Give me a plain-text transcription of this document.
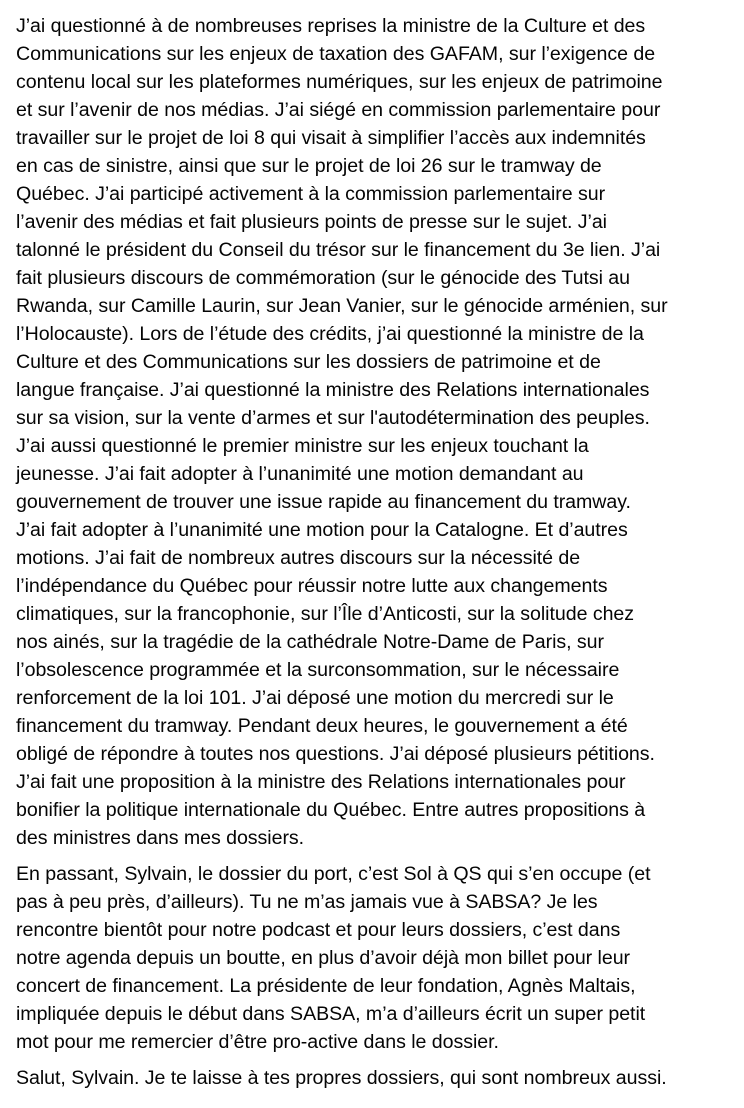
J’ai questionné à de nombreuses reprises la ministre de la Culture et des
Communications sur les enjeux de taxation des GAFAM, sur l’exigence de
contenu local sur les plateformes numériques, sur les enjeux de patrimoine
et sur l’avenir de nos médias. J’ai siégé en commission parlementaire pour
travailler sur le projet de loi 8 qui visait à simplifier l’accès aux indemnités
en cas de sinistre, ainsi que sur le projet de loi 26 sur le tramway de
Québec. J’ai participé activement à la commission parlementaire sur
l’avenir des médias et fait plusieurs points de presse sur le sujet. J’ai
talonné le président du Conseil du trésor sur le financement du 3e lien. J’ai
fait plusieurs discours de commémoration (sur le génocide des Tutsi au
Rwanda, sur Camille Laurin, sur Jean Vanier, sur le génocide arménien, sur
l’Holocauste). Lors de l’étude des crédits, j’ai questionné la ministre de la
Culture et des Communications sur les dossiers de patrimoine et de
langue française. J’ai questionné la ministre des Relations internationales
sur sa vision, sur la vente d’armes et sur l'autodétermination des peuples.
J’ai aussi questionné le premier ministre sur les enjeux touchant la
jeunesse. J’ai fait adopter à l’unanimité une motion demandant au
gouvernement de trouver une issue rapide au financement du tramway.
J’ai fait adopter à l’unanimité une motion pour la Catalogne. Et d’autres
motions. J’ai fait de nombreux autres discours sur la nécessité de
l’indépendance du Québec pour réussir notre lutte aux changements
climatiques, sur la francophonie, sur l’Île d’Anticosti, sur la solitude chez
nos ainés, sur la tragédie de la cathédrale Notre-Dame de Paris, sur
l’obsolescence programmée et la surconsommation, sur le nécessaire
renforcement de la loi 101. J’ai déposé une motion du mercredi sur le
financement du tramway. Pendant deux heures, le gouvernement a été
obligé de répondre à toutes nos questions. J’ai déposé plusieurs pétitions.
J’ai fait une proposition à la ministre des Relations internationales pour
bonifier la politique internationale du Québec. Entre autres propositions à
des ministres dans mes dossiers.

En passant, Sylvain, le dossier du port, c’est Sol à QS qui s’en occupe (et
pas à peu près, d’ailleurs). Tu ne m’as jamais vue à SABSA? Je les
rencontre bientôt pour notre podcast et pour leurs dossiers, c’est dans
notre agenda depuis un boutte, en plus d’avoir déjà mon billet pour leur
concert de financement. La présidente de leur fondation, Agnès Maltais,
impliquée depuis le début dans SABSA, m’a d’ailleurs écrit un super petit
mot pour me remercier d’être pro-active dans le dossier.

Salut, Sylvain. Je te laisse à tes propres dossiers, qui sont nombreux aussi.
